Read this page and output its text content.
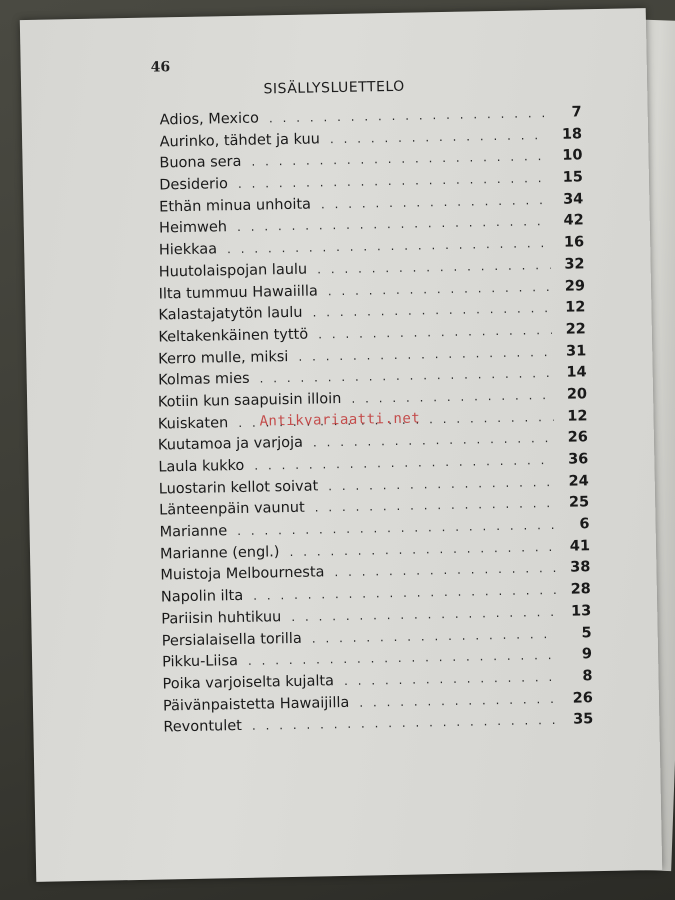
46
SISÄLLYSLUETTELO
Adios, Mexico . . .	7
Aurinko, tähdet ja kuu . . .	18
Buona sera . . .	10
Desiderio . . .	15
Ethän minua unhoita . . .	34
Heimweh . . .	42
Hiekkaa . . .	16
Huutolaispojan laulu . . .	32
Ilta tummuu Hawaiilla . . .	29
Kalastajatytön laulu . . .	12
Keltakenkäinen tyttö . . .	22
Kerro mulle, miksi . . .	31
Kolmas mies . . .	14
Kotiin kun saapuisin illoin . . .	20
Kuiskaten . . .	12
Kuutamoa ja varjoja . . .	26
Laula kukko . . .	36
Luostarin kellot soivat . . .	24
Länteenpäin vaunut . . .	25
Marianne . . .	6
Marianne (engl.) . . .	41
Muistoja Melbournesta . . .	38
Napolin ilta . . .	28
Pariisin huhtikuu . . .	13
Persialaisella torilla . . .	5
Pikku-Liisa . . .	9
Poika varjoiselta kujalta . . .	8
Päivänpaistetta Hawaijilla . . .	26
Revontulet . . .	35
Antikvariaatti.net
